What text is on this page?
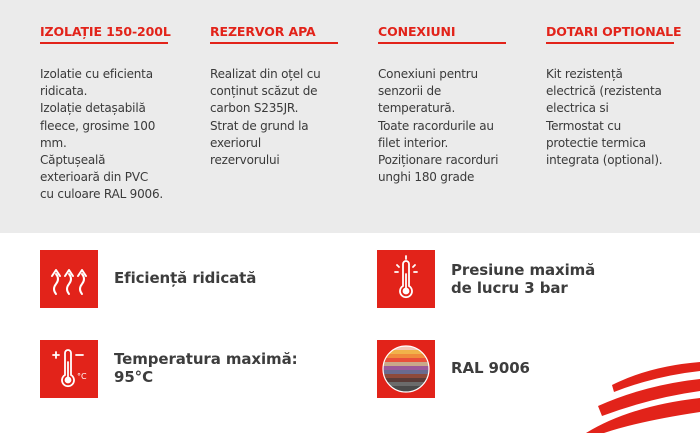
IZOLAȚIE 150-200L
Izolatie cu eficienta
ridicata.
Izolație detașabilă
fleece, grosime 100
mm.
Căptușeală
exterioară din PVC
cu culoare RAL 9006.
REZERVOR APA
Realizat din oțel cu
conținut scăzut de
carbon S235JR.
Strat de grund la
exeriorul
rezervorului
CONEXIUNI
Conexiuni pentru
senzorii de
temperatură.
Toate racordurile au
filet interior.
Poziționare racorduri
unghi 180 grade
DOTARI OPTIONALE
Kit rezistență
electrică (rezistenta
electrica si
Termostat cu
protectie termica
integrata (optional).
Eficiență ridicată	Presiune maximă
de lucru 3 bar
°C
Temperatura maximă:
95°C	RAL 9006
